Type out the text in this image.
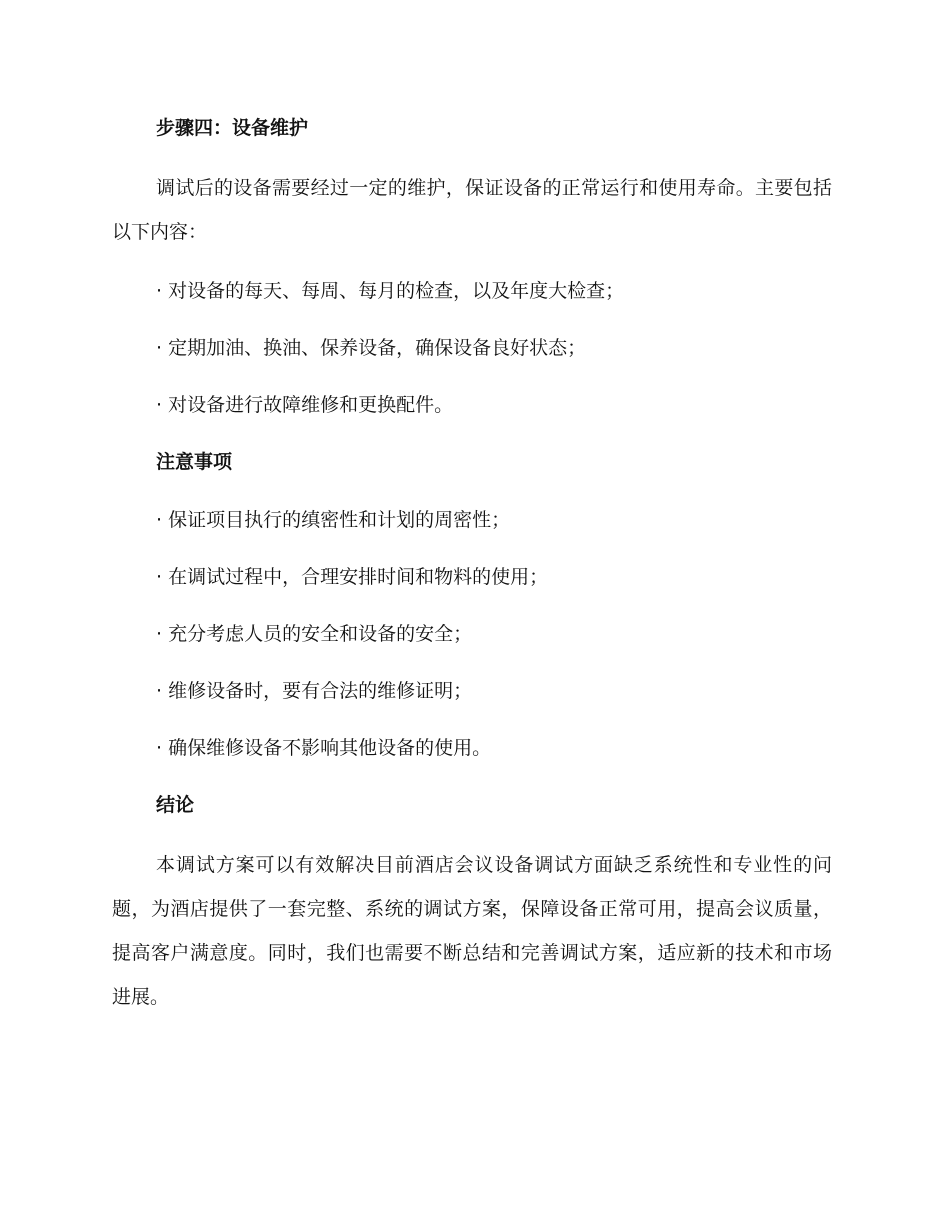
步骤四：设备维护

调试后的设备需要经过一定的维护，保证设备的正常运行和使用寿命。主要包括以下内容：

· 对设备的每天、每周、每月的检查，以及年度大检查；

· 定期加油、换油、保养设备，确保设备良好状态；

· 对设备进行故障维修和更换配件。

注意事项

· 保证项目执行的缜密性和计划的周密性；

· 在调试过程中，合理安排时间和物料的使用；

· 充分考虑人员的安全和设备的安全；

· 维修设备时，要有合法的维修证明；

· 确保维修设备不影响其他设备的使用。

结论

本调试方案可以有效解决目前酒店会议设备调试方面缺乏系统性和专业性的问题，为酒店提供了一套完整、系统的调试方案，保障设备正常可用，提高会议质量，提高客户满意度。同时，我们也需要不断总结和完善调试方案，适应新的技术和市场进展。
